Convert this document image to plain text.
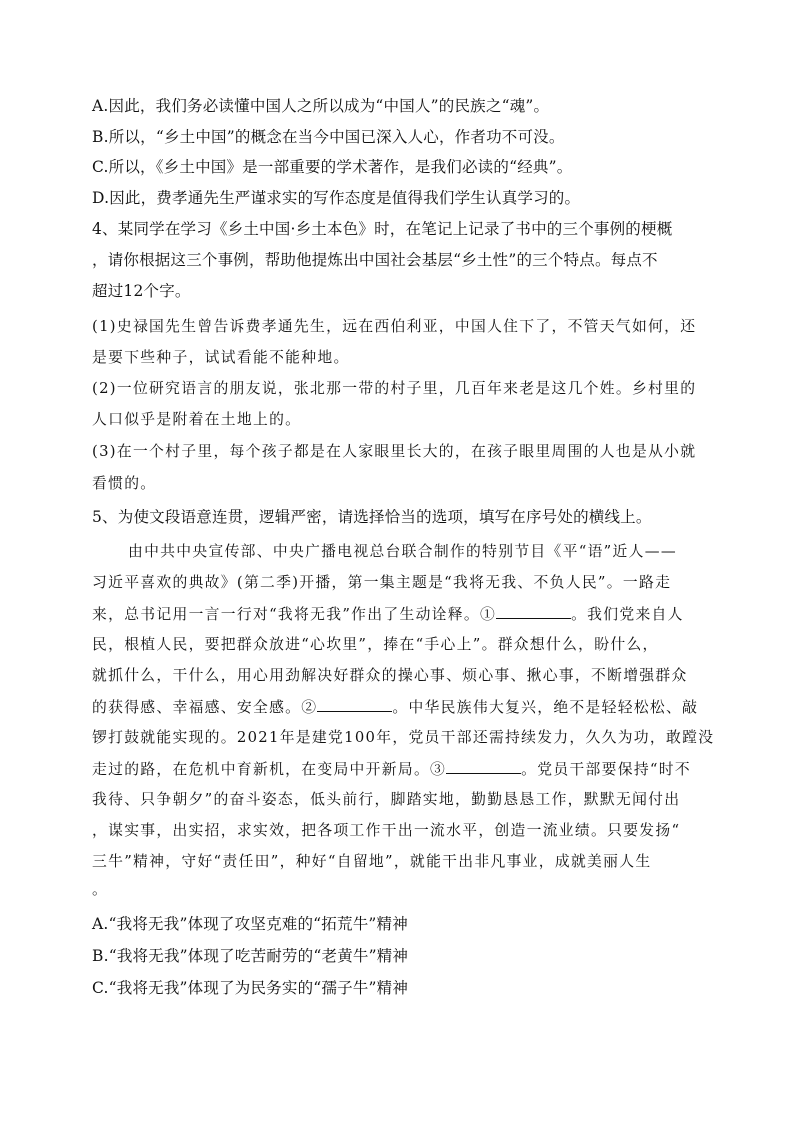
A.因此，我们务必读懂中国人之所以成为“中国人”的民族之“魂”。
B.所以，“乡土中国”的概念在当今中国已深入人心，作者功不可没。
C.所以，《乡土中国》是一部重要的学术著作，是我们必读的“经典”。
D.因此，费孝通先生严谨求实的写作态度是值得我们学生认真学习的。
4、某同学在学习《乡土中国·乡土本色》时，在笔记上记录了书中的三个事例的梗概
，请你根据这三个事例，帮助他提炼出中国社会基层“乡土性”的三个特点。每点不
超过12个字。
(1)史禄国先生曾告诉费孝通先生，远在西伯利亚，中国人住下了，不管天气如何，还
是要下些种子，试试看能不能种地。
(2)一位研究语言的朋友说，张北那一带的村子里，几百年来老是这几个姓。乡村里的
人口似乎是附着在土地上的。
(3)在一个村子里，每个孩子都是在人家眼里长大的，在孩子眼里周围的人也是从小就
看惯的。
5、为使文段语意连贯，逻辑严密，请选择恰当的选项，填写在序号处的横线上。
由中共中央宣传部、中央广播电视总台联合制作的特别节目《平“语”近人——
习近平喜欢的典故》(第二季)开播，第一集主题是“我将无我、不负人民”。一路走
来，总书记用一言一行对“我将无我”作出了生动诠释。①	。我们党来自人
民，根植人民，要把群众放进“心坎里”，捧在“手心上”。群众想什么，盼什么，
就抓什么，干什么，用心用劲解决好群众的操心事、烦心事、揪心事，不断增强群众
的获得感、幸福感、安全感。②	。中华民族伟大复兴，绝不是轻轻松松、敲
锣打鼓就能实现的。2021年是建党100年，党员干部还需持续发力，久久为功，敢蹚没
走过的路，在危机中育新机，在变局中开新局。③	。党员干部要保持“时不
我待、只争朝夕”的奋斗姿态，低头前行，脚踏实地，勤勤恳恳工作，默默无闻付出
，谋实事，出实招，求实效，把各项工作干出一流水平，创造一流业绩。只要发扬“
三牛”精神，守好“责任田”，种好“自留地”，就能干出非凡事业，成就美丽人生
。
A.“我将无我”体现了攻坚克难的“拓荒牛”精神
B.“我将无我”体现了吃苦耐劳的“老黄牛”精神
C.“我将无我”体现了为民务实的“孺子牛”精神
